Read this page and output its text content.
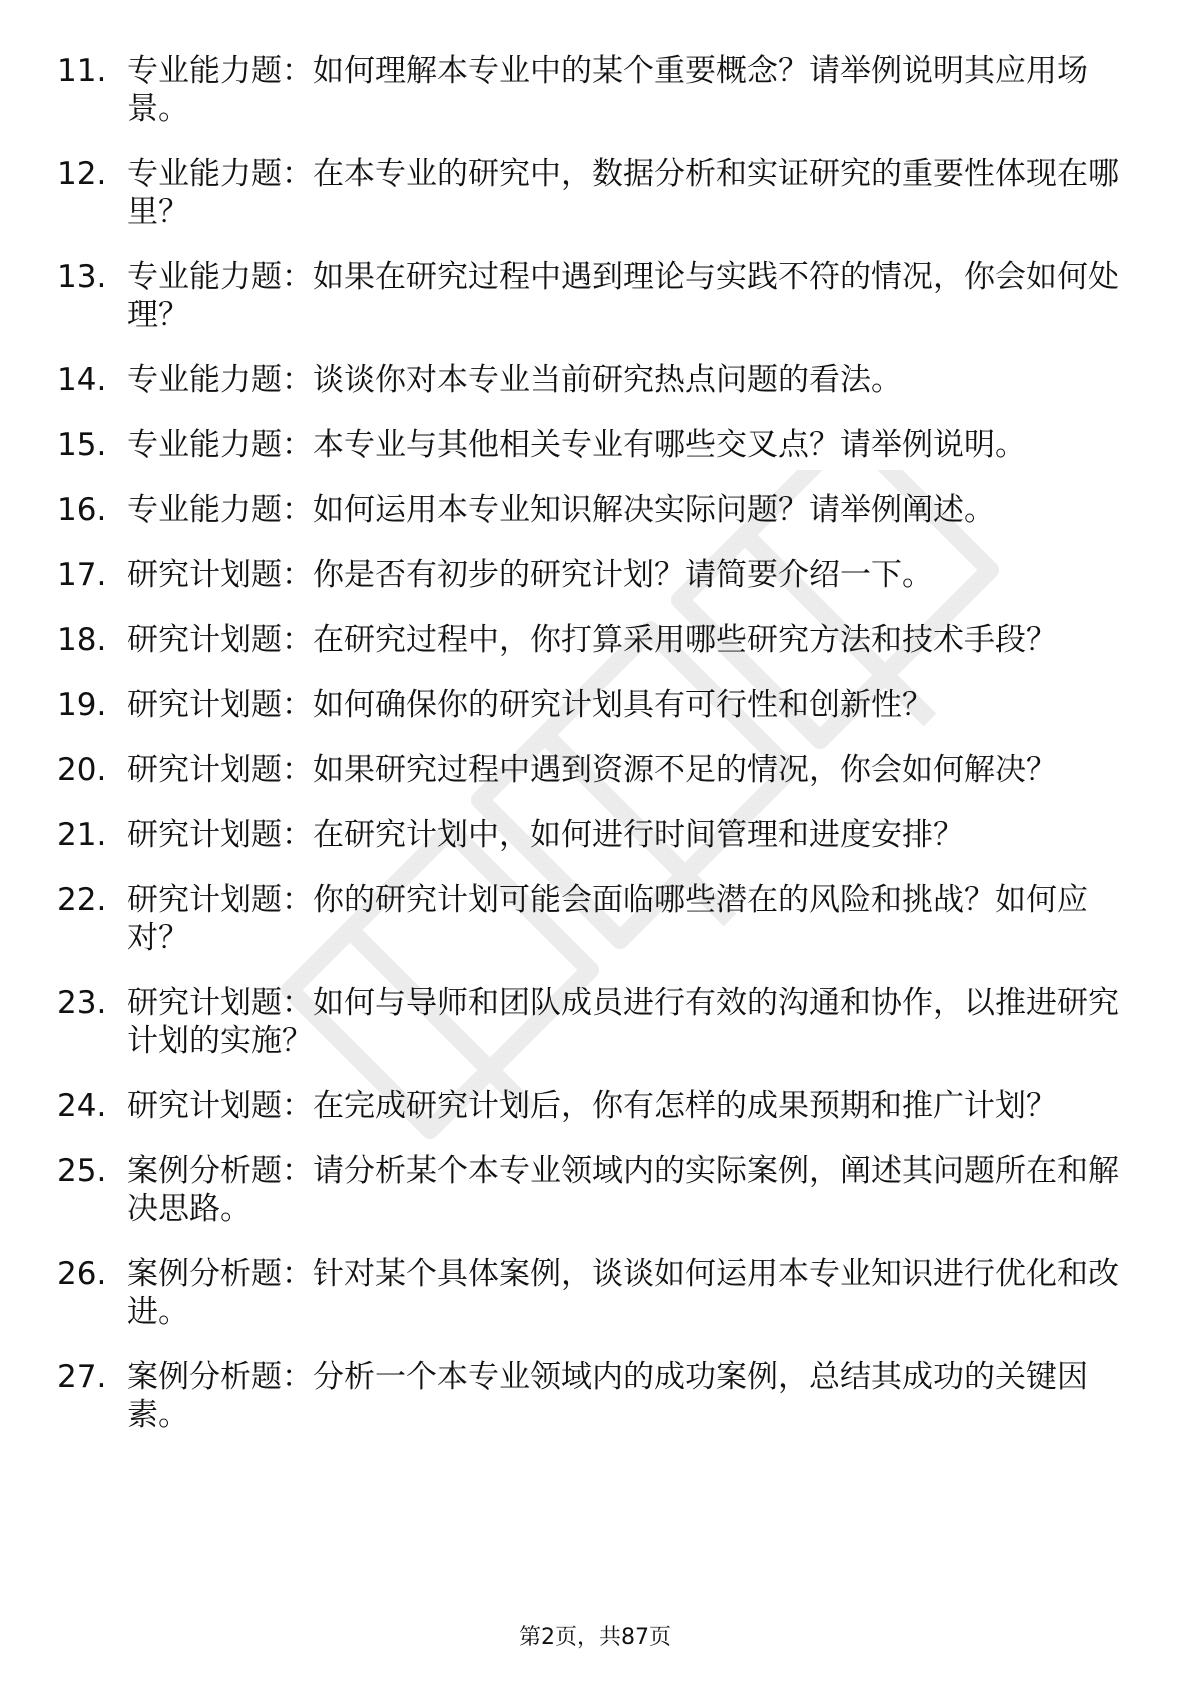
11. 专业能力题：如何理解本专业中的某个重要概念？请举例说明其应用场景。
12. 专业能力题：在本专业的研究中，数据分析和实证研究的重要性体现在哪里？
13. 专业能力题：如果在研究过程中遇到理论与实践不符的情况，你会如何处理？
14. 专业能力题：谈谈你对本专业当前研究热点问题的看法。
15. 专业能力题：本专业与其他相关专业有哪些交叉点？请举例说明。
16. 专业能力题：如何运用本专业知识解决实际问题？请举例阐述。
17. 研究计划题：你是否有初步的研究计划？请简要介绍一下。
18. 研究计划题：在研究过程中，你打算采用哪些研究方法和技术手段？
19. 研究计划题：如何确保你的研究计划具有可行性和创新性？
20. 研究计划题：如果研究过程中遇到资源不足的情况，你会如何解决？
21. 研究计划题：在研究计划中，如何进行时间管理和进度安排？
22. 研究计划题：你的研究计划可能会面临哪些潜在的风险和挑战？如何应对？
23. 研究计划题：如何与导师和团队成员进行有效的沟通和协作，以推进研究计划的实施？
24. 研究计划题：在完成研究计划后，你有怎样的成果预期和推广计划？
25. 案例分析题：请分析某个本专业领域内的实际案例，阐述其问题所在和解决思路。
26. 案例分析题：针对某个具体案例，谈谈如何运用本专业知识进行优化和改进。
27. 案例分析题：分析一个本专业领域内的成功案例，总结其成功的关键因素。
第2页，共87页
